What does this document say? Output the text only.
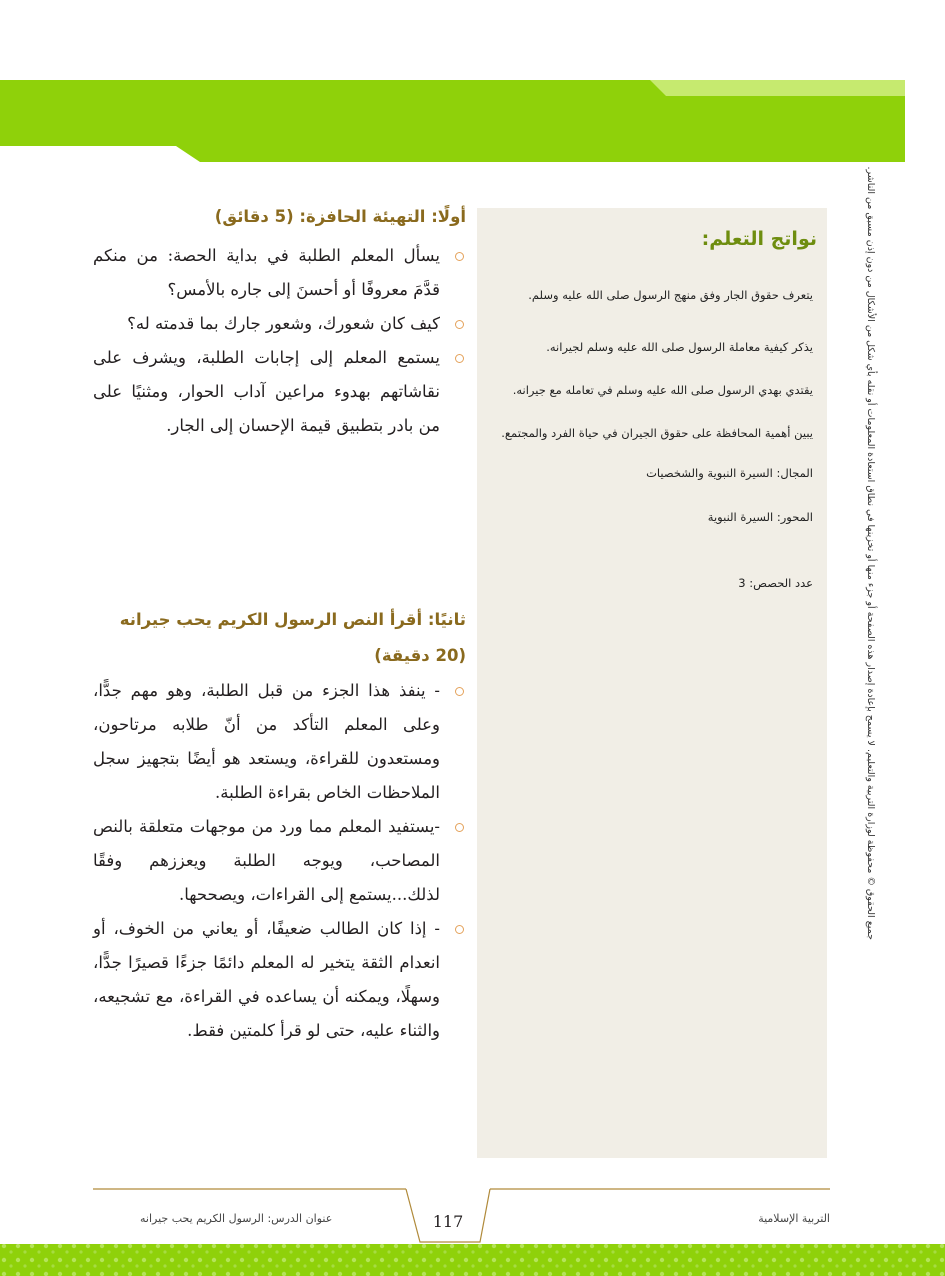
جميع الحقوق © محفوظة لوزارة التربية والتعليم. لا يسمح بإعادة إصدار هذه الصفحة أو جزء منها أو تخزينها في نطاق استعادة المعلومات أو نقله بأي شكل من الأشكال من دون إذن مسبق من الناشر.
نواتج التعلم:
يتعرف حقوق الجار وفق منهج الرسول صلى الله عليه وسلم.
يذكر كيفية معاملة الرسول صلى الله عليه وسلم لجيرانه.
يقتدي بهدي الرسول صلى الله عليه وسلم في تعامله مع جيرانه.
يبين أهمية المحافظة على حقوق الجيران في حياة الفرد والمجتمع.
المجال: السيرة النبوية والشخصيات
المحور: السيرة النبوية
عدد الحصص: 3
أولًا: التهيئة الحافزة: (5 دقائق)
يسأل المعلم الطلبة في بداية الحصة: من منكم قدَّمَ معروفًا أو أحسنَ إلى جاره بالأمس؟
كيف كان شعورك، وشعور جارك بما قدمته له؟
يستمع المعلم إلى إجابات الطلبة، ويشرف على نقاشاتهم بهدوء مراعين آداب الحوار، ومثنيًا على من بادر بتطبيق قيمة الإحسان إلى الجار.
ثانيًا: أقرأ النص الرسول الكريم يحب جيرانه
(20 دقيقة)
- ينفذ هذا الجزء من قبل الطلبة، وهو مهم جدًّا، وعلى المعلم التأكد من أنّ طلابه مرتاحون، ومستعدون للقراءة، ويستعد هو أيضًا بتجهيز سجل الملاحظات الخاص بقراءة الطلبة.
-يستفيد المعلم مما ورد من موجهات متعلقة بالنص المصاحب، ويوجه الطلبة ويعززهم وفقًا لذلك...يستمع إلى القراءات، ويصححها.
- إذا كان الطالب ضعيفًا، أو يعاني من الخوف، أو انعدام الثقة يتخير له المعلم دائمًا جزءًا قصيرًا جدًّا، وسهلًا، ويمكنه أن يساعده في القراءة، مع تشجيعه، والثناء عليه، حتى لو قرأ كلمتين فقط.
التربية الإسلامية
117
عنوان الدرس: الرسول الكريم يحب جيرانه
